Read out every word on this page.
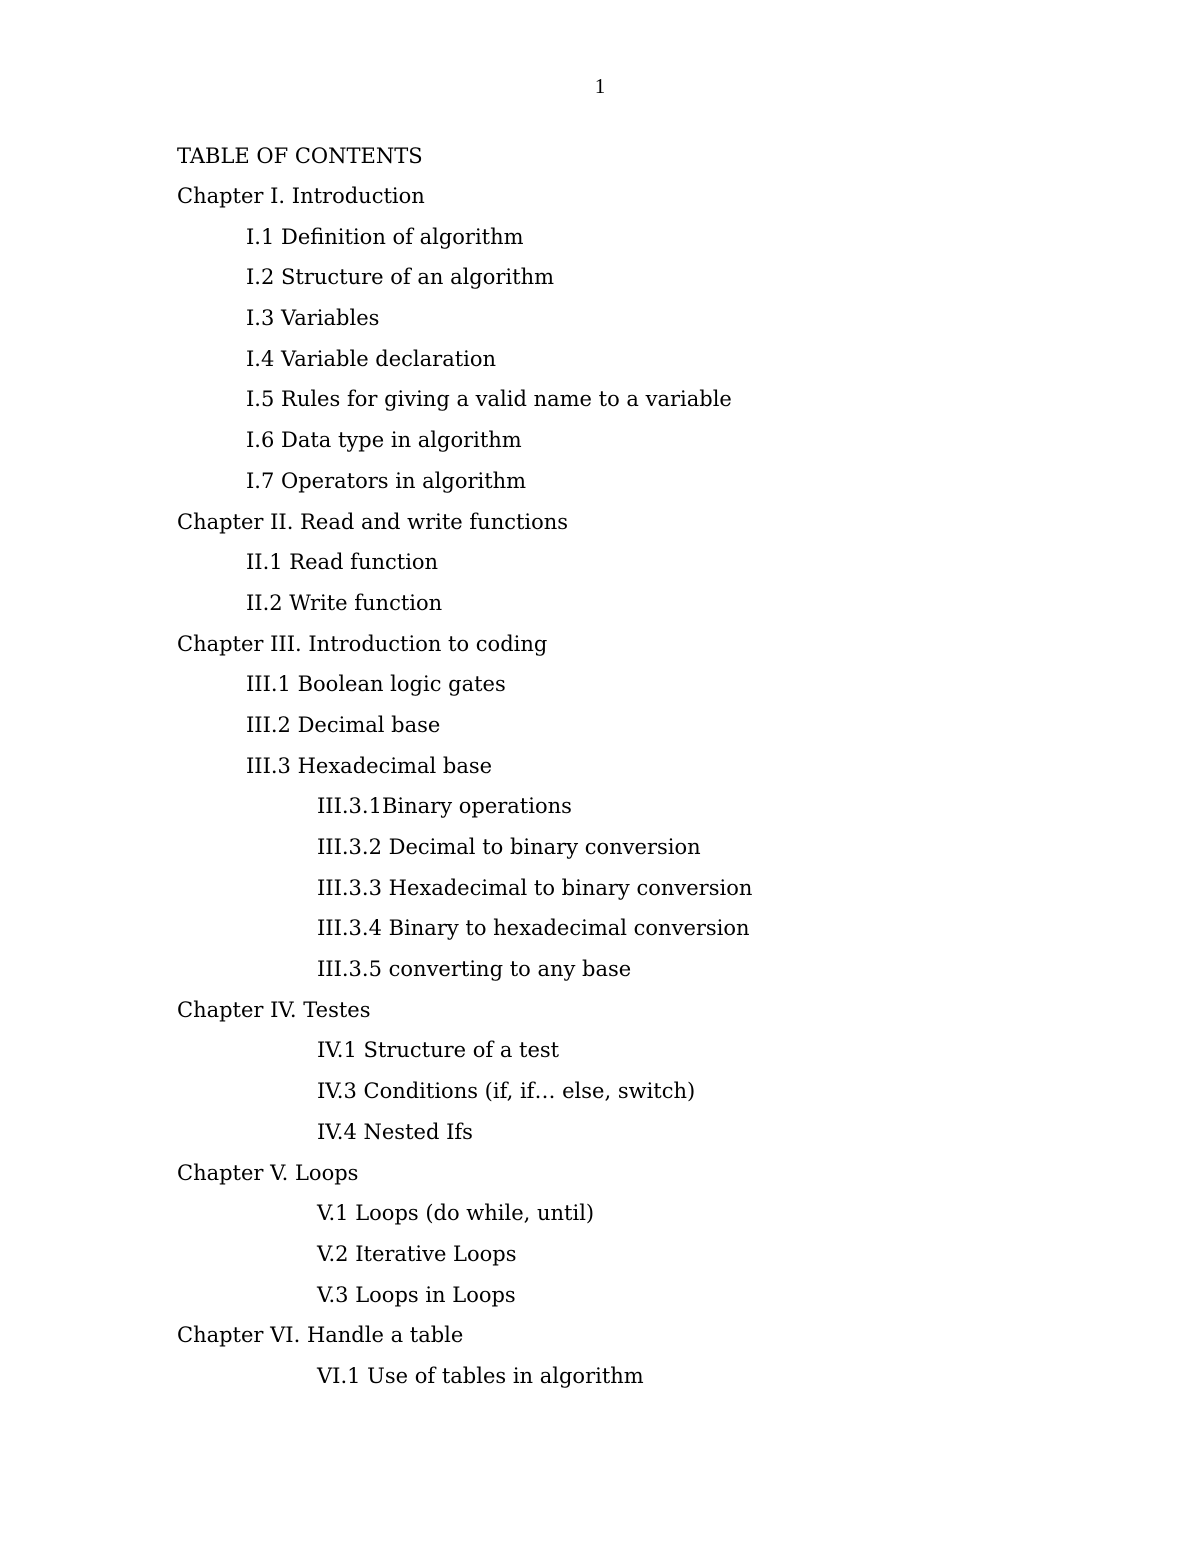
1
TABLE OF CONTENTS
Chapter I. Introduction
I.1 Definition of algorithm
I.2 Structure of an algorithm
I.3 Variables
I.4 Variable declaration
I.5 Rules for giving a valid name to a variable
I.6 Data type in algorithm
I.7 Operators in algorithm
Chapter II. Read and write functions
II.1 Read function
II.2 Write function
Chapter III. Introduction to coding
III.1 Boolean logic gates
III.2 Decimal base
III.3 Hexadecimal base
III.3.1Binary operations
III.3.2 Decimal to binary conversion
III.3.3 Hexadecimal to binary conversion
III.3.4 Binary to hexadecimal conversion
III.3.5 converting to any base
Chapter IV. Testes
IV.1 Structure of a test
IV.3 Conditions (if, if… else, switch)
IV.4 Nested Ifs
Chapter V. Loops
V.1 Loops (do while, until)
V.2 Iterative Loops
V.3 Loops in Loops
Chapter VI. Handle a table
VI.1 Use of tables in algorithm
